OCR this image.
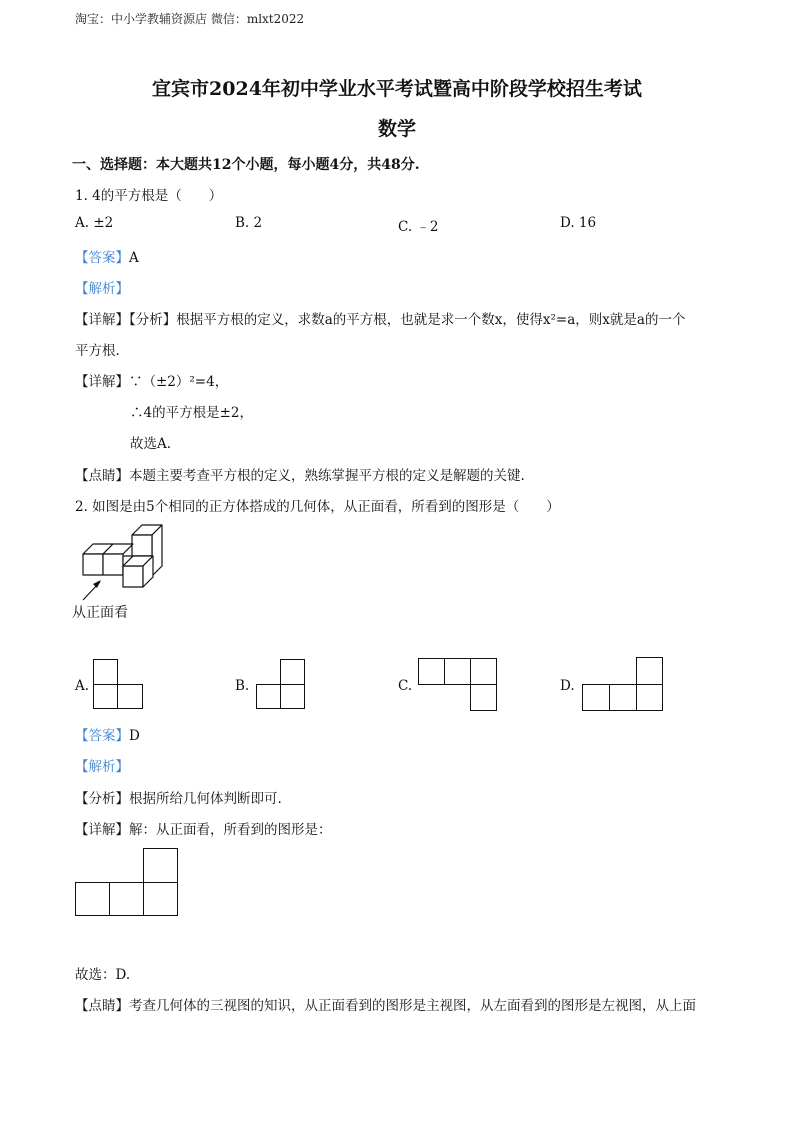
淘宝：中小学教辅资源店 微信：mlxt2022
宜宾市2024年初中学业水平考试暨高中阶段学校招生考试
数学
一、选择题：本大题共12个小题，每小题4分，共48分.
1. 4的平方根是（　　）
A. ±2	B. 2	C. ﹣2	D. 16
【答案】A
【解析】
【详解】【分析】根据平方根的定义，求数a的平方根，也就是求一个数x，使得x²=a，则x就是a的一个
平方根.
【详解】∵（±2）²=4，
∴4的平方根是±2，
故选A.
【点睛】本题主要考查平方根的定义，熟练掌握平方根的定义是解题的关键.
2. 如图是由5个相同的正方体搭成的几何体，从正面看，所看到的图形是（　　）
从正面看
A.	B.	C.	D.
【答案】D
【解析】
【分析】根据所给几何体判断即可.
【详解】解：从正面看，所看到的图形是：
故选：D.
【点睛】考查几何体的三视图的知识，从正面看到的图形是主视图，从左面看到的图形是左视图，从上面
